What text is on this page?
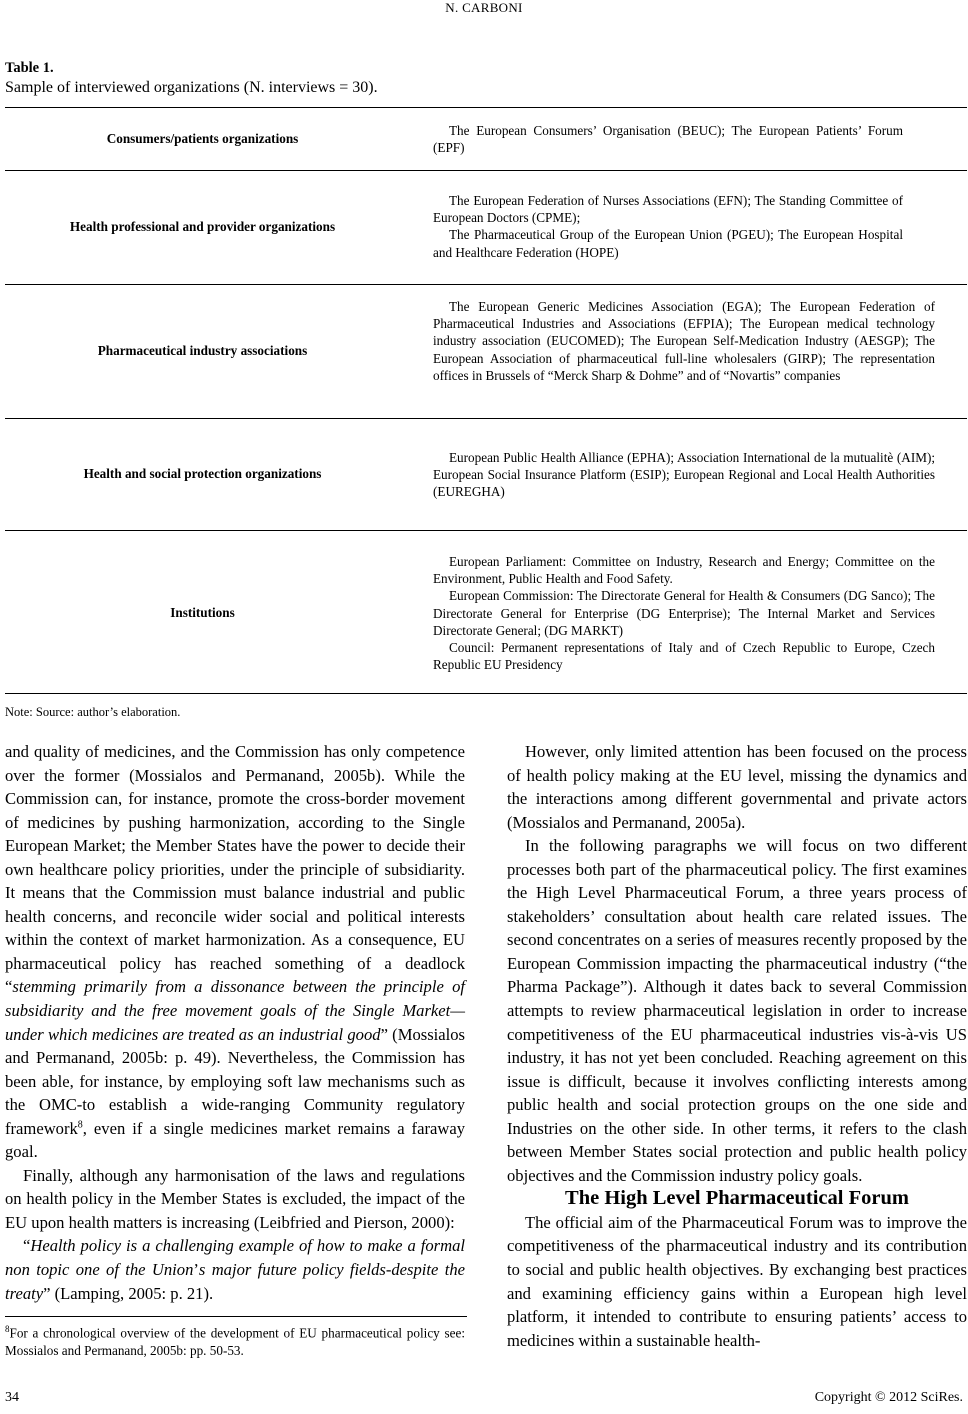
N. CARBONI
Table 1.
Sample of interviewed organizations (N. interviews = 30).
Consumers/patients organizations

The European Consumers’ Organisation (BEUC); The European Patients’ Forum (EPF)

Health professional and provider organizations

The European Federation of Nurses Associations (EFN); The Standing Committee of European Doctors (CPME);

The Pharmaceutical Group of the European Union (PGEU); The European Hospital and Healthcare Federation (HOPE)

Pharmaceutical industry associations

The European Generic Medicines Association (EGA); The European Federation of Pharmaceutical Industries and Associations (EFPIA); The European medical technology industry association (EUCOMED); The European Self-Medication Industry (AESGP); The European Association of pharmaceutical full-line wholesalers (GIRP); The representation offices in Brussels of “Merck Sharp & Dohme” and of “Novartis” companies

Health and social protection organizations

European Public Health Alliance (EPHA); Association International de la mutualitè (AIM); European Social Insurance Platform (ESIP); European Regional and Local Health Authorities (EUREGHA)

Institutions

European Parliament: Committee on Industry, Research and Energy; Committee on the Environment, Public Health and Food Safety.

European Commission: The Directorate General for Health & Consumers (DG Sanco); The Directorate General for Enterprise (DG Enterprise); The Internal Market and Services Directorate General; (DG MARKT)

Council: Permanent representations of Italy and of Czech Republic to Europe, Czech Republic EU Presidency

Note: Source: author’s elaboration.

and quality of medicines, and the Commission has only competence over the former (Mossialos and Permanand, 2005b). While the Commission can, for instance, promote the cross-border movement of medicines by pushing harmonization, according to the Single European Market; the Member States have the power to decide their own healthcare policy priorities, under the principle of subsidiarity. It means that the Commission must balance industrial and public health concerns, and reconcile wider social and political interests within the context of market harmonization. As a consequence, EU pharmaceutical policy has reached something of a deadlock “stemming primarily from a dissonance between the principle of subsidiarity and the free movement goals of the Single Market—under which medicines are treated as an industrial good” (Mossialos and Permanand, 2005b: p. 49). Nevertheless, the Commission has been able, for instance, by employing soft law mechanisms such as the OMC-to establish a wide-ranging Community regulatory framework$^8$, even if a single medicines market remains a faraway goal.

Finally, although any harmonisation of the laws and regulations on health policy in the Member States is excluded, the impact of the EU upon health matters is increasing (Leibfried and Pierson, 2000):

“Health policy is a challenging example of how to make a formal non topic one of the Union’s major future policy fields-despite the treaty” (Lamping, 2005: p. 21).

$^8$For a chronological overview of the development of EU pharmaceutical policy see: Mossialos and Permanand, 2005b: pp. 50-53.

However, only limited attention has been focused on the process of health policy making at the EU level, missing the dynamics and the interactions among different governmental and private actors (Mossialos and Permanand, 2005a).

In the following paragraphs we will focus on two different processes both part of the pharmaceutical policy. The first examines the High Level Pharmaceutical Forum, a three years process of stakeholders’ consultation about health care related issues. The second concentrates on a series of measures recently proposed by the European Commission impacting the pharmaceutical industry (“the Pharma Package”). Although it dates back to several Commission attempts to review pharmaceutical legislation in order to increase competitiveness of the EU pharmaceutical industries vis-à-vis US industry, it has not yet been concluded. Reaching agreement on this issue is difficult, because it involves conflicting interests among public health and social protection groups on the one side and Industries on the other side. In other terms, it refers to the clash between Member States social protection and public health policy objectives and the Commission industry policy goals.

The High Level Pharmaceutical Forum

The official aim of the Pharmaceutical Forum was to improve the competitiveness of the pharmaceutical industry and its contribution to social and public health objectives. By exchanging best practices and examining efficiency gains within a European high level platform, it intended to contribute to ensuring patients’ access to medicines within a sustainable health-

34	Copyright © 2012 SciRes.
